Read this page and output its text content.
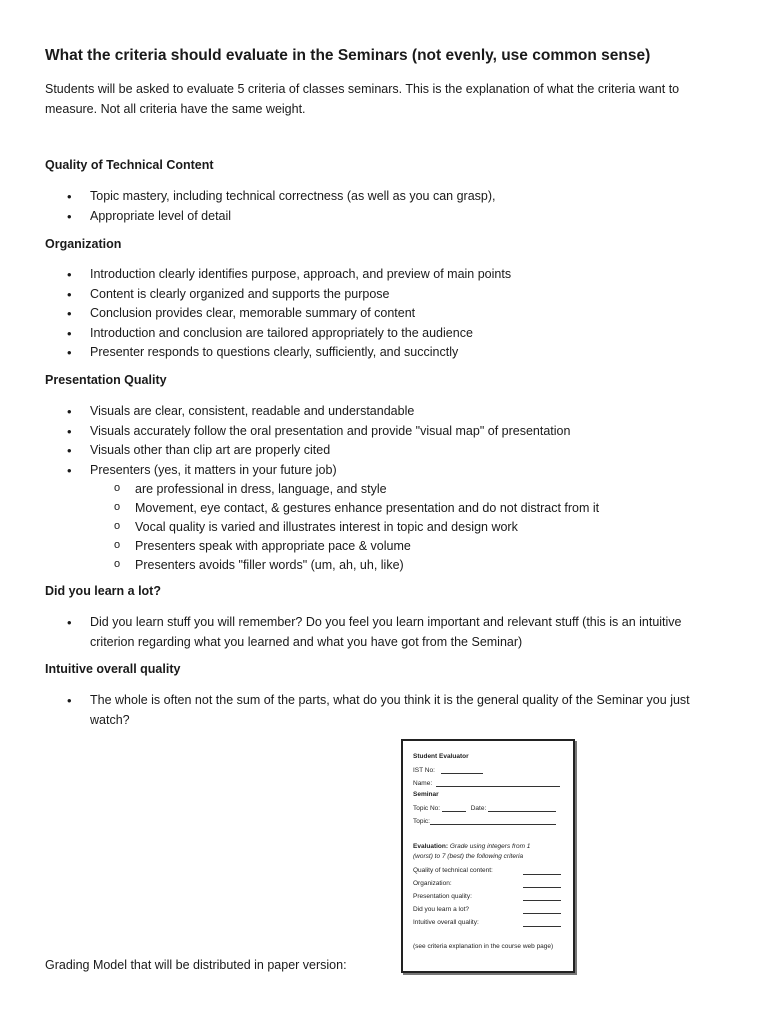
What the criteria should evaluate in the Seminars (not evenly, use common sense)

Students will be asked to evaluate 5 criteria of classes seminars. This is the explanation of what the criteria want to measure. Not all criteria have the same weight.

Quality of Technical Content
• Topic mastery, including technical correctness (as well as you can grasp),
• Appropriate level of detail
Organization
• Introduction clearly identifies purpose, approach, and preview of main points
• Content is clearly organized and supports the purpose
• Conclusion provides clear, memorable summary of content
• Introduction and conclusion are tailored appropriately to the audience
• Presenter responds to questions clearly, sufficiently, and succinctly
Presentation Quality
• Visuals are clear, consistent, readable and understandable
• Visuals accurately follow the oral presentation and provide "visual map" of presentation
• Visuals other than clip art are properly cited
• Presenters (yes, it matters in your future job)
o are professional in dress, language, and style
o Movement, eye contact, & gestures enhance presentation and do not distract from it
o Vocal quality is varied and illustrates interest in topic and design work
o Presenters speak with appropriate pace & volume
o Presenters avoids "filler words" (um, ah, uh, like)
Did you learn a lot?
• Did you learn stuff you will remember? Do you feel you learn important and relevant stuff (this is an intuitive criterion regarding what you learned and what you have got from the Seminar)
Intuitive overall quality
• The whole is often not the sum of the parts, what do you think it is the general quality of the Seminar you just watch?
Student Evaluator
IST No:
Name:
Seminar
Topic No:	Date:
Topic:
Evaluation: Grade using integers from 1
(worst) to 7 (best) the following criteria
Quality of technical content:
Organization:
Presentation quality:
Did you learn a lot?
Intuitive overall quality:
(see criteria explanation in the course web page)

Grading Model that will be distributed in paper version:
